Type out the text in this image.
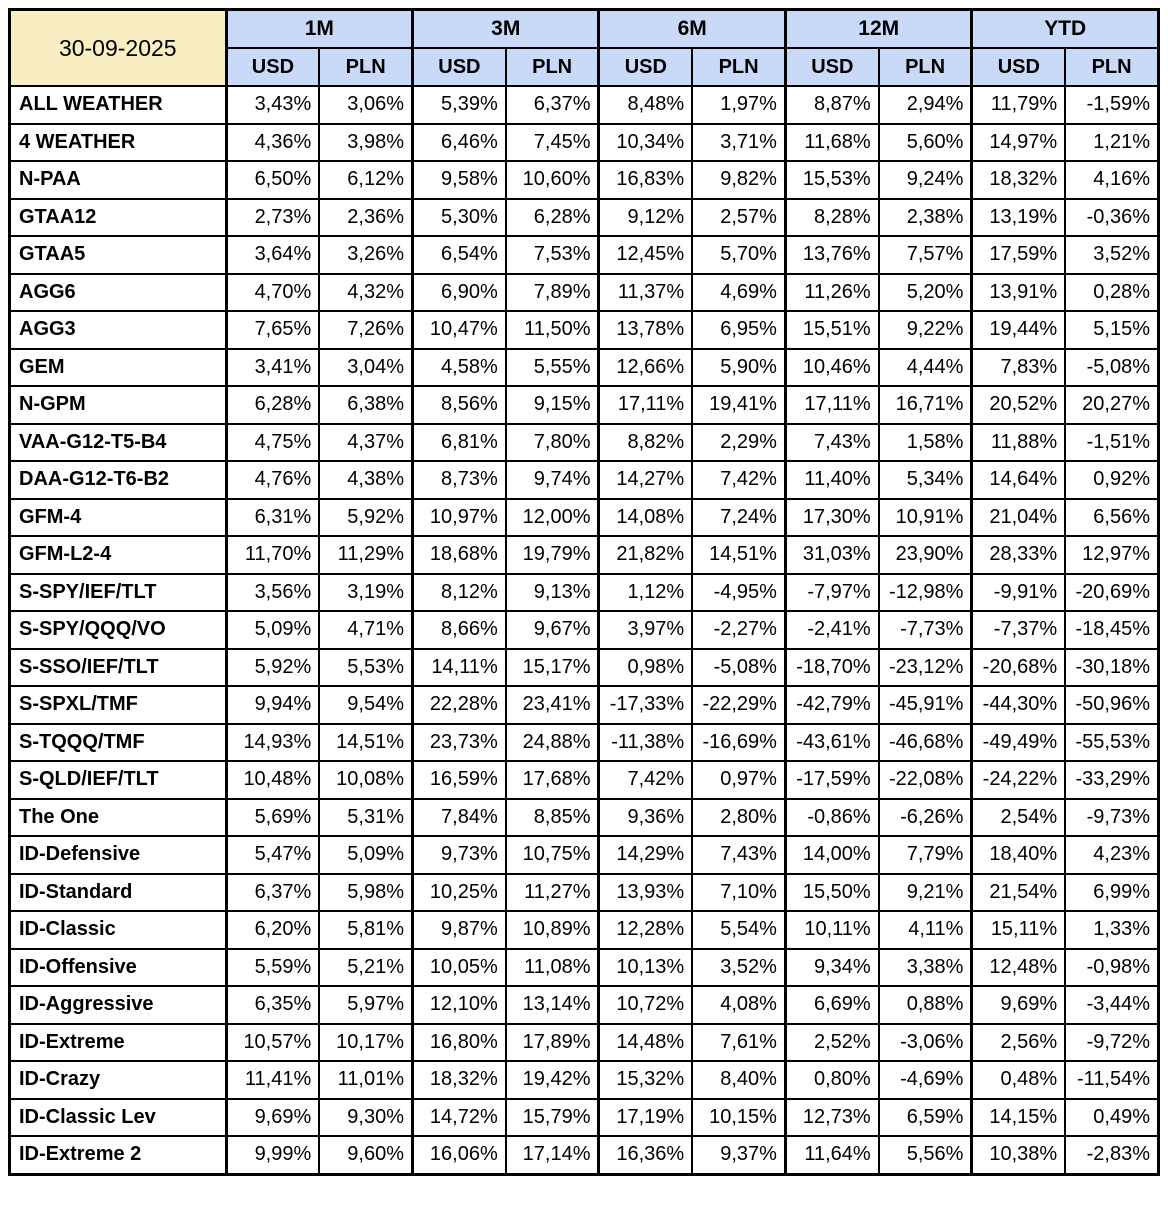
30-09-2025	1M		3M		6M		12M		YTD	
	USD	PLN	USD	PLN	USD	PLN	USD	PLN	USD	PLN
ALL WEATHER	3,43%	3,06%	5,39%	6,37%	8,48%	1,97%	8,87%	2,94%	11,79%	-1,59%
4 WEATHER	4,36%	3,98%	6,46%	7,45%	10,34%	3,71%	11,68%	5,60%	14,97%	1,21%
N-PAA	6,50%	6,12%	9,58%	10,60%	16,83%	9,82%	15,53%	9,24%	18,32%	4,16%
GTAA12	2,73%	2,36%	5,30%	6,28%	9,12%	2,57%	8,28%	2,38%	13,19%	-0,36%
GTAA5	3,64%	3,26%	6,54%	7,53%	12,45%	5,70%	13,76%	7,57%	17,59%	3,52%
AGG6	4,70%	4,32%	6,90%	7,89%	11,37%	4,69%	11,26%	5,20%	13,91%	0,28%
AGG3	7,65%	7,26%	10,47%	11,50%	13,78%	6,95%	15,51%	9,22%	19,44%	5,15%
GEM	3,41%	3,04%	4,58%	5,55%	12,66%	5,90%	10,46%	4,44%	7,83%	-5,08%
N-GPM	6,28%	6,38%	8,56%	9,15%	17,11%	19,41%	17,11%	16,71%	20,52%	20,27%
VAA-G12-T5-B4	4,75%	4,37%	6,81%	7,80%	8,82%	2,29%	7,43%	1,58%	11,88%	-1,51%
DAA-G12-T6-B2	4,76%	4,38%	8,73%	9,74%	14,27%	7,42%	11,40%	5,34%	14,64%	0,92%
GFM-4	6,31%	5,92%	10,97%	12,00%	14,08%	7,24%	17,30%	10,91%	21,04%	6,56%
GFM-L2-4	11,70%	11,29%	18,68%	19,79%	21,82%	14,51%	31,03%	23,90%	28,33%	12,97%
S-SPY/IEF/TLT	3,56%	3,19%	8,12%	9,13%	1,12%	-4,95%	-7,97%	-12,98%	-9,91%	-20,69%
S-SPY/QQQ/VO	5,09%	4,71%	8,66%	9,67%	3,97%	-2,27%	-2,41%	-7,73%	-7,37%	-18,45%
S-SSO/IEF/TLT	5,92%	5,53%	14,11%	15,17%	0,98%	-5,08%	-18,70%	-23,12%	-20,68%	-30,18%
S-SPXL/TMF	9,94%	9,54%	22,28%	23,41%	-17,33%	-22,29%	-42,79%	-45,91%	-44,30%	-50,96%
S-TQQQ/TMF	14,93%	14,51%	23,73%	24,88%	-11,38%	-16,69%	-43,61%	-46,68%	-49,49%	-55,53%
S-QLD/IEF/TLT	10,48%	10,08%	16,59%	17,68%	7,42%	0,97%	-17,59%	-22,08%	-24,22%	-33,29%
The One	5,69%	5,31%	7,84%	8,85%	9,36%	2,80%	-0,86%	-6,26%	2,54%	-9,73%
ID-Defensive	5,47%	5,09%	9,73%	10,75%	14,29%	7,43%	14,00%	7,79%	18,40%	4,23%
ID-Standard	6,37%	5,98%	10,25%	11,27%	13,93%	7,10%	15,50%	9,21%	21,54%	6,99%
ID-Classic	6,20%	5,81%	9,87%	10,89%	12,28%	5,54%	10,11%	4,11%	15,11%	1,33%
ID-Offensive	5,59%	5,21%	10,05%	11,08%	10,13%	3,52%	9,34%	3,38%	12,48%	-0,98%
ID-Aggressive	6,35%	5,97%	12,10%	13,14%	10,72%	4,08%	6,69%	0,88%	9,69%	-3,44%
ID-Extreme	10,57%	10,17%	16,80%	17,89%	14,48%	7,61%	2,52%	-3,06%	2,56%	-9,72%
ID-Crazy	11,41%	11,01%	18,32%	19,42%	15,32%	8,40%	0,80%	-4,69%	0,48%	-11,54%
ID-Classic Lev	9,69%	9,30%	14,72%	15,79%	17,19%	10,15%	12,73%	6,59%	14,15%	0,49%
ID-Extreme 2	9,99%	9,60%	16,06%	17,14%	16,36%	9,37%	11,64%	5,56%	10,38%	-2,83%
